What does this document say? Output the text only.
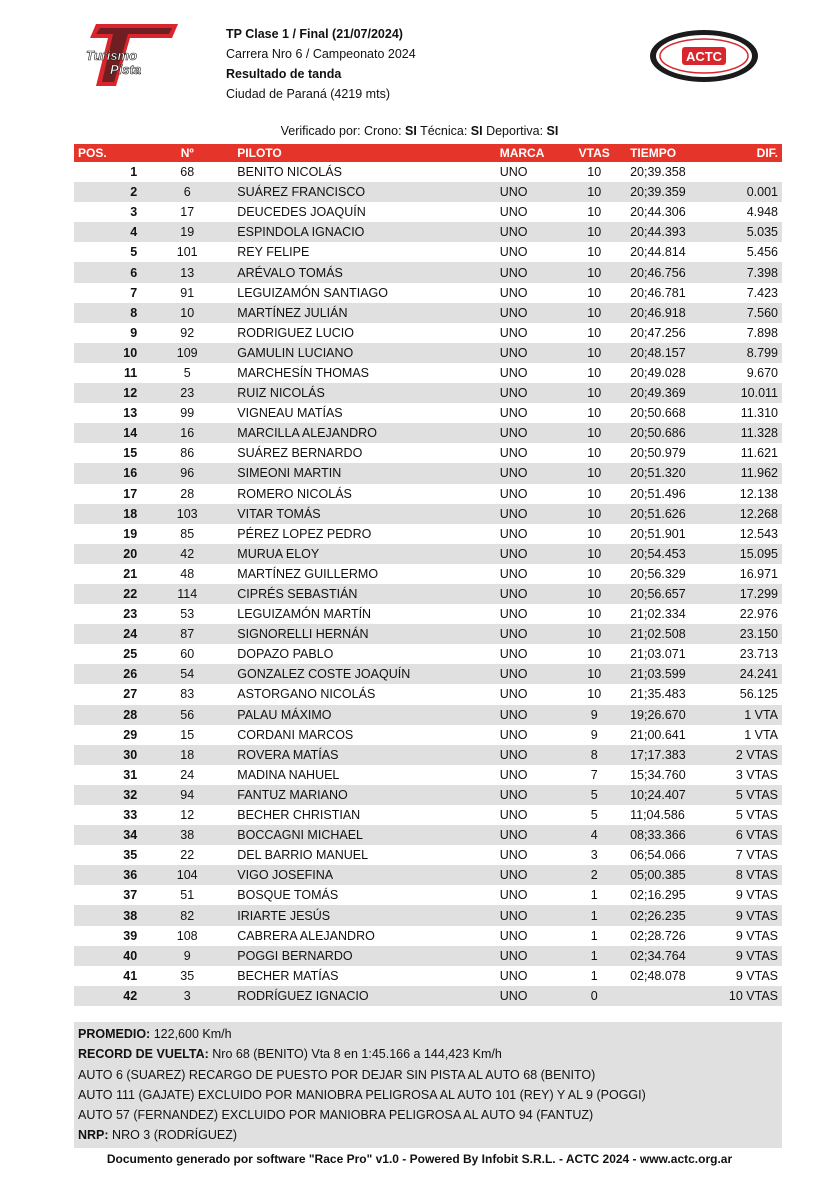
Turismo
Pista
ACTC
TP Clase 1 / Final (21/07/2024)
Carrera Nro 6 / Campeonato 2024
Resultado de tanda
Ciudad de Paraná (4219 mts)
Verificado por: Crono: SI Técnica: SI Deportiva: SI
POS.	Nº	PILOTO	MARCA	VTAS	TIEMPO	DIF.
1	68	BENITO NICOLÁS	UNO	10	20;39.358	
2	6	SUÁREZ FRANCISCO	UNO	10	20;39.359	0.001
3	17	DEUCEDES JOAQUÍN	UNO	10	20;44.306	4.948
4	19	ESPINDOLA IGNACIO	UNO	10	20;44.393	5.035
5	101	REY FELIPE	UNO	10	20;44.814	5.456
6	13	ARÉVALO TOMÁS	UNO	10	20;46.756	7.398
7	91	LEGUIZAMÓN SANTIAGO	UNO	10	20;46.781	7.423
8	10	MARTÍNEZ JULIÁN	UNO	10	20;46.918	7.560
9	92	RODRIGUEZ LUCIO	UNO	10	20;47.256	7.898
10	109	GAMULIN LUCIANO	UNO	10	20;48.157	8.799
11	5	MARCHESÍN THOMAS	UNO	10	20;49.028	9.670
12	23	RUIZ NICOLÁS	UNO	10	20;49.369	10.011
13	99	VIGNEAU MATÍAS	UNO	10	20;50.668	11.310
14	16	MARCILLA ALEJANDRO	UNO	10	20;50.686	11.328
15	86	SUÁREZ BERNARDO	UNO	10	20;50.979	11.621
16	96	SIMEONI MARTIN	UNO	10	20;51.320	11.962
17	28	ROMERO NICOLÁS	UNO	10	20;51.496	12.138
18	103	VITAR TOMÁS	UNO	10	20;51.626	12.268
19	85	PÉREZ LOPEZ PEDRO	UNO	10	20;51.901	12.543
20	42	MURUA ELOY	UNO	10	20;54.453	15.095
21	48	MARTÍNEZ GUILLERMO	UNO	10	20;56.329	16.971
22	114	CIPRÉS SEBASTIÁN	UNO	10	20;56.657	17.299
23	53	LEGUIZAMÓN MARTÍN	UNO	10	21;02.334	22.976
24	87	SIGNORELLI HERNÁN	UNO	10	21;02.508	23.150
25	60	DOPAZO PABLO	UNO	10	21;03.071	23.713
26	54	GONZALEZ COSTE JOAQUÍN	UNO	10	21;03.599	24.241
27	83	ASTORGANO NICOLÁS	UNO	10	21;35.483	56.125
28	56	PALAU MÁXIMO	UNO	9	19;26.670	1 VTA
29	15	CORDANI MARCOS	UNO	9	21;00.641	1 VTA
30	18	ROVERA MATÍAS	UNO	8	17;17.383	2 VTAS
31	24	MADINA NAHUEL	UNO	7	15;34.760	3 VTAS
32	94	FANTUZ MARIANO	UNO	5	10;24.407	5 VTAS
33	12	BECHER CHRISTIAN	UNO	5	11;04.586	5 VTAS
34	38	BOCCAGNI MICHAEL	UNO	4	08;33.366	6 VTAS
35	22	DEL BARRIO MANUEL	UNO	3	06;54.066	7 VTAS
36	104	VIGO JOSEFINA	UNO	2	05;00.385	8 VTAS
37	51	BOSQUE TOMÁS	UNO	1	02;16.295	9 VTAS
38	82	IRIARTE JESÚS	UNO	1	02;26.235	9 VTAS
39	108	CABRERA ALEJANDRO	UNO	1	02;28.726	9 VTAS
40	9	POGGI BERNARDO	UNO	1	02;34.764	9 VTAS
41	35	BECHER MATÍAS	UNO	1	02;48.078	9 VTAS
42	3	RODRÍGUEZ IGNACIO	UNO	0		10 VTAS
PROMEDIO: 122,600 Km/h
RECORD DE VUELTA: Nro 68 (BENITO) Vta 8 en 1:45.166 a 144,423 Km/h
AUTO 6 (SUAREZ) RECARGO DE PUESTO POR DEJAR SIN PISTA AL AUTO 68 (BENITO)
AUTO 111 (GAJATE) EXCLUIDO POR MANIOBRA PELIGROSA AL AUTO 101 (REY) Y AL 9 (POGGI)
AUTO 57 (FERNANDEZ) EXCLUIDO POR MANIOBRA PELIGROSA AL AUTO 94 (FANTUZ)
NRP: NRO 3 (RODRÍGUEZ)
Documento generado por software "Race Pro" v1.0 - Powered By Infobit S.R.L. - ACTC 2024 - www.actc.org.ar
